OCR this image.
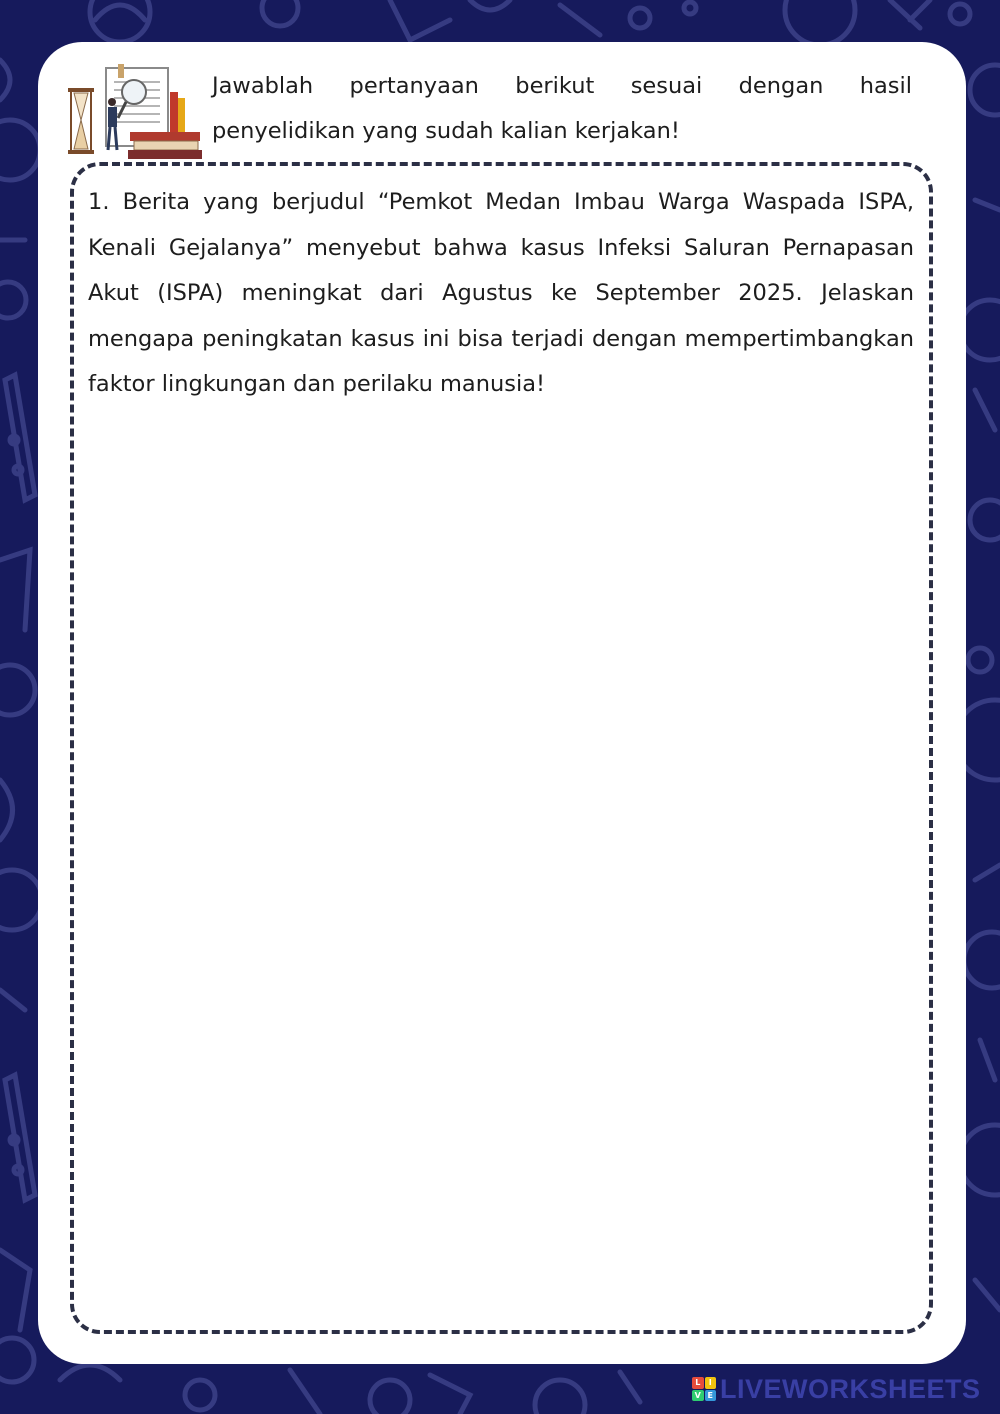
Jawablah pertanyaan berikut sesuai dengan hasil penyelidikan yang sudah kalian kerjakan!

1. Berita yang berjudul “Pemkot Medan Imbau Warga Waspada ISPA, Kenali Gejalanya” menyebut bahwa kasus Infeksi Saluran Pernapasan Akut (ISPA) meningkat dari Agustus ke September 2025. Jelaskan mengapa peningkatan kasus ini bisa terjadi dengan mempertimbangkan faktor lingkungan dan perilaku manusia!

L	I
V E LIVEWORKSHEETS
